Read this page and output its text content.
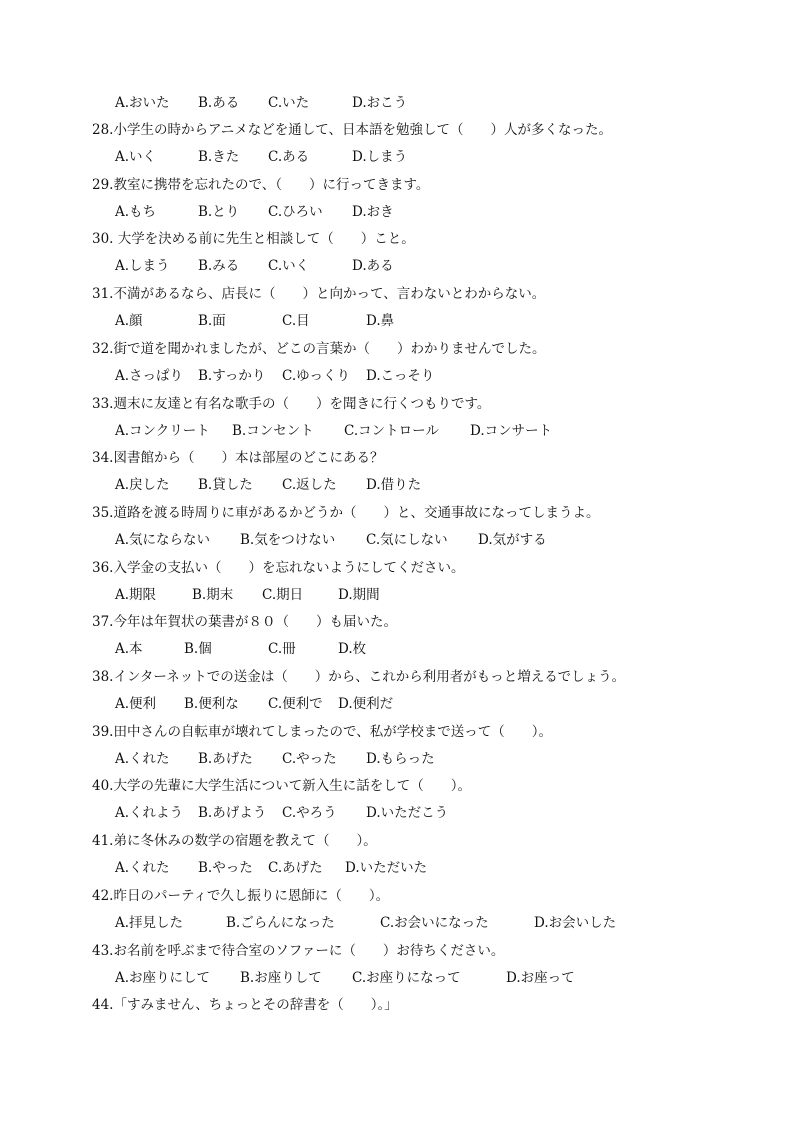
A.おいた B.ある C.いた	D.おこう
28.小学生の時からアニメなどを通して、日本語を勉強して（　　）人が多くなった。
A.いく	B.きた C.ある	D.しまう
29.教室に携帯を忘れたので、（　　）に行ってきます。
A.もち	B.とり C.ひろい D.おき
30. 大学を決める前に先生と相談して（　　）こと。
A.しまう B.みる C.いく	D.ある
31.不満があるなら、店長に（　　）と向かって、言わないとわからない。
A.顔	B.面	C.目	D.鼻
32.街で道を聞かれましたが、どこの言葉か（　　）わかりませんでした。
A.さっぱり B.すっかり C.ゆっくり D.こっそり
33.週末に友達と有名な歌手の（　　）を聞きに行くつもりです。
A.コンクリート B.コンセント C.コントロール D.コンサート
34.図書館から（　　）本は部屋のどこにある？
A.戻した B.貸した C.返した D.借りた
35.道路を渡る時周りに車があるかどうか（　　）と、交通事故になってしまうよ。
A.気にならない B.気をつけない C.気にしない D.気がする
36.入学金の支払い（　　）を忘れないようにしてください。
A.期限	B.期末 C.期日	D.期間
37.今年は年賀状の葉書が８０（　　）も届いた。
A.本	B.個	C.冊	D.枚
38.インターネットでの送金は（　　）から、これから利用者がもっと増えるでしょう。
A.便利 B.便利な C.便利で D.便利だ
39.田中さんの自転車が壊れてしまったので、私が学校まで送って（　　）。
A.くれた B.あげた C.やった D.もらった
40.大学の先輩に大学生活について新入生に話をして（　　）。
A.くれよう B.あげよう C.やろう D.いただこう
41.弟に冬休みの数学の宿題を教えて（　　）。
A.くれた B.やった C.あげた D.いただいた
42.昨日のパーティで久し振りに恩師に（　　）。
A.拝見した	B.ごらんになった	C.お会いになった	D.お会いした
43.お名前を呼ぶまで待合室のソファーに（　　）お待ちください。
A.お座りにして B.お座りして C.お座りになって	D.お座って
44.「すみません、ちょっとその辞書を（　　）。」
